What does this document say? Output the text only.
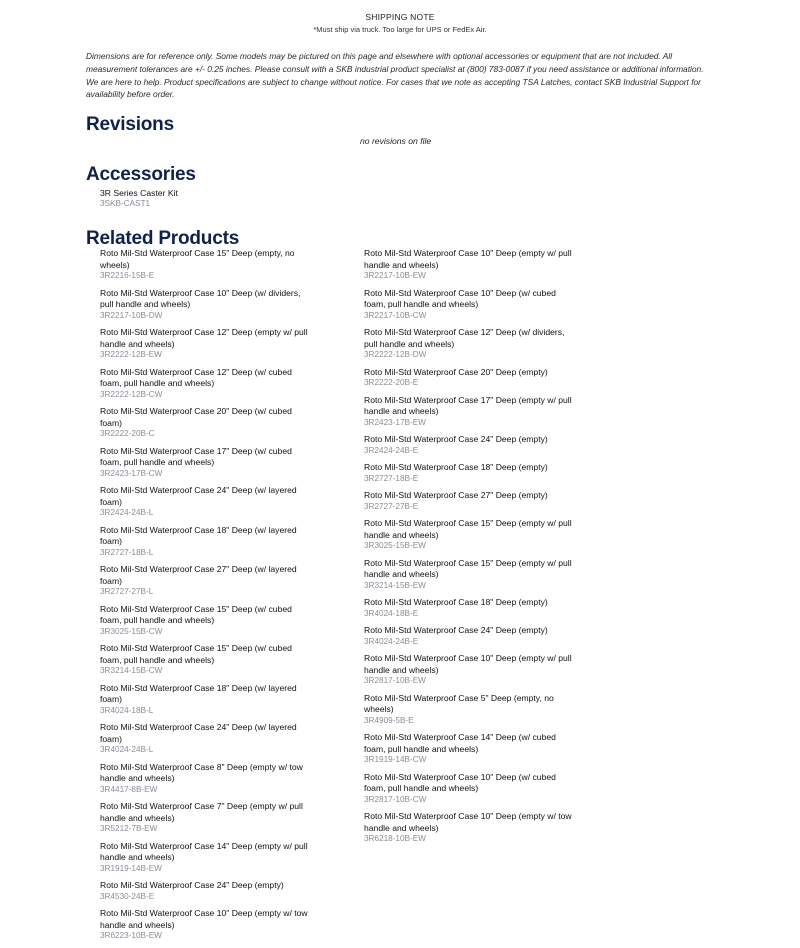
SHIPPING NOTE
*Must ship via truck. Too large for UPS or FedEx Air.
Dimensions are for reference only. Some models may be pictured on this page and elsewhere with optional accessories or equipment that are not included. All measurement tolerances are +/- 0.25 inches. Please consult with a SKB industrial product specialist at (800) 783-0087 if you need assistance or additional information. We are here to help. Product specifications are subject to change without notice. For cases that we note as accepting TSA Latches, contact SKB Industrial Support for availability before order.
Revisions
no revisions on file
Accessories
3R Series Caster Kit
3SKB-CAST1
Related Products
Roto Mil-Std Waterproof Case 15" Deep (empty, no wheels)
3R2216-15B-E
Roto Mil-Std Waterproof Case 10" Deep (w/ dividers, pull handle and wheels)
3R2217-10B-DW
Roto Mil-Std Waterproof Case 12" Deep (empty w/ pull handle and wheels)
3R2222-12B-EW
Roto Mil-Std Waterproof Case 12" Deep (w/ cubed foam, pull handle and wheels)
3R2222-12B-CW
Roto Mil-Std Waterproof Case 20" Deep (w/ cubed foam)
3R2222-20B-C
Roto Mil-Std Waterproof Case 17" Deep (w/ cubed foam, pull handle and wheels)
3R2423-17B-CW
Roto Mil-Std Waterproof Case 24" Deep (w/ layered foam)
3R2424-24B-L
Roto Mil-Std Waterproof Case 18" Deep (w/ layered foam)
3R2727-18B-L
Roto Mil-Std Waterproof Case 27" Deep (w/ layered foam)
3R2727-27B-L
Roto Mil-Std Waterproof Case 15" Deep (w/ cubed foam, pull handle and wheels)
3R3025-15B-CW
Roto Mil-Std Waterproof Case 15" Deep (w/ cubed foam, pull handle and wheels)
3R3214-15B-CW
Roto Mil-Std Waterproof Case 18" Deep (w/ layered foam)
3R4024-18B-L
Roto Mil-Std Waterproof Case 24" Deep (w/ layered foam)
3R4024-24B-L
Roto Mil-Std Waterproof Case 8" Deep (empty w/ tow handle and wheels)
3R4417-8B-EW
Roto Mil-Std Waterproof Case 7" Deep (empty w/ pull handle and wheels)
3R5212-7B-EW
Roto Mil-Std Waterproof Case 14" Deep (empty w/ pull handle and wheels)
3R1919-14B-EW
Roto Mil-Std Waterproof Case 24" Deep (empty)
3R4530-24B-E
Roto Mil-Std Waterproof Case 10" Deep (empty w/ tow handle and wheels)
3R6223-10B-EW
Roto Mil-Std Waterproof Case 10" Deep (empty w/ pull handle and wheels)
3R2217-10B-EW
Roto Mil-Std Waterproof Case 10" Deep (w/ cubed foam, pull handle and wheels)
3R2217-10B-CW
Roto Mil-Std Waterproof Case 12" Deep (w/ dividers, pull handle and wheels)
3R2222-12B-DW
Roto Mil-Std Waterproof Case 20" Deep (empty)
3R2222-20B-E
Roto Mil-Std Waterproof Case 17" Deep (empty w/ pull handle and wheels)
3R2423-17B-EW
Roto Mil-Std Waterproof Case 24" Deep (empty)
3R2424-24B-E
Roto Mil-Std Waterproof Case 18" Deep (empty)
3R2727-18B-E
Roto Mil-Std Waterproof Case 27" Deep (empty)
3R2727-27B-E
Roto Mil-Std Waterproof Case 15" Deep (empty w/ pull handle and wheels)
3R3025-15B-EW
Roto Mil-Std Waterproof Case 15" Deep (empty w/ pull handle and wheels)
3R3214-15B-EW
Roto Mil-Std Waterproof Case 18" Deep (empty)
3R4024-18B-E
Roto Mil-Std Waterproof Case 24" Deep (empty)
3R4024-24B-E
Roto Mil-Std Waterproof Case 10" Deep (empty w/ pull handle and wheels)
3R2817-10B-EW
Roto Mil-Std Waterproof Case 5" Deep (empty, no wheels)
3R4909-5B-E
Roto Mil-Std Waterproof Case 14" Deep (w/ cubed foam, pull handle and wheels)
3R1919-14B-CW
Roto Mil-Std Waterproof Case 10" Deep (w/ cubed foam, pull handle and wheels)
3R2817-10B-CW
Roto Mil-Std Waterproof Case 10" Deep (empty w/ tow handle and wheels)
3R6218-10B-EW
